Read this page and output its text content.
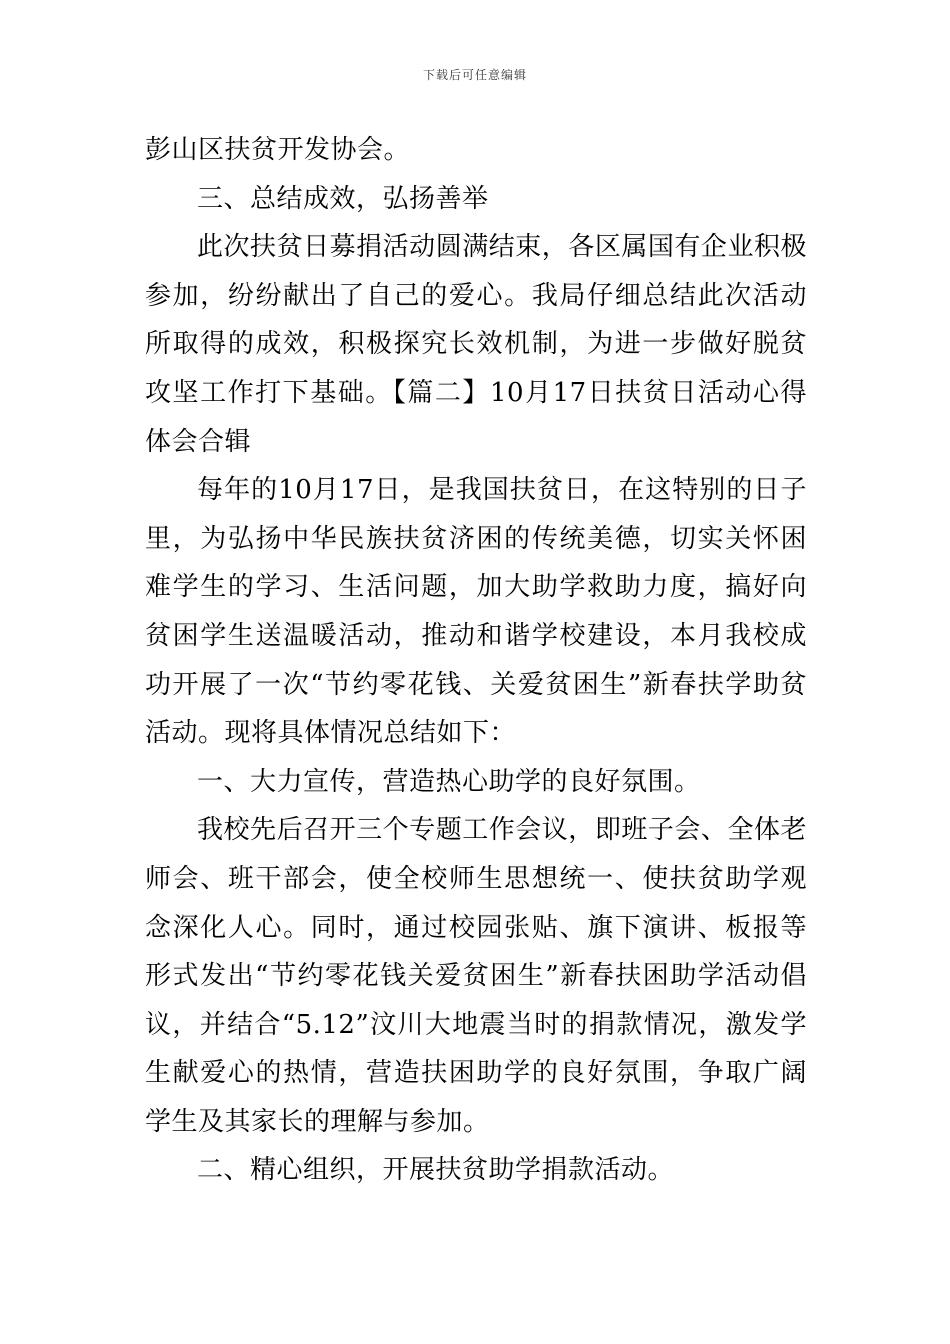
下载后可任意编辑

彭山区扶贫开发协会。

三、总结成效，弘扬善举

此次扶贫日募捐活动圆满结束，各区属国有企业积极参加，纷纷献出了自己的爱心。我局仔细总结此次活动所取得的成效，积极探究长效机制，为进一步做好脱贫攻坚工作打下基础。【篇二】10月17日扶贫日活动心得体会合辑

每年的10月17日，是我国扶贫日，在这特别的日子里，为弘扬中华民族扶贫济困的传统美德，切实关怀困难学生的学习、生活问题，加大助学救助力度，搞好向贫困学生送温暖活动，推动和谐学校建设，本月我校成功开展了一次“节约零花钱、关爱贫困生”新春扶学助贫活动。现将具体情况总结如下：

一、大力宣传，营造热心助学的良好氛围。

我校先后召开三个专题工作会议，即班子会、全体老师会、班干部会，使全校师生思想统一、使扶贫助学观念深化人心。同时，通过校园张贴、旗下演讲、板报等形式发出“节约零花钱关爱贫困生”新春扶困助学活动倡议，并结合“5.12”汶川大地震当时的捐款情况，激发学生献爱心的热情，营造扶困助学的良好氛围，争取广阔学生及其家长的理解与参加。

二、精心组织，开展扶贫助学捐款活动。
